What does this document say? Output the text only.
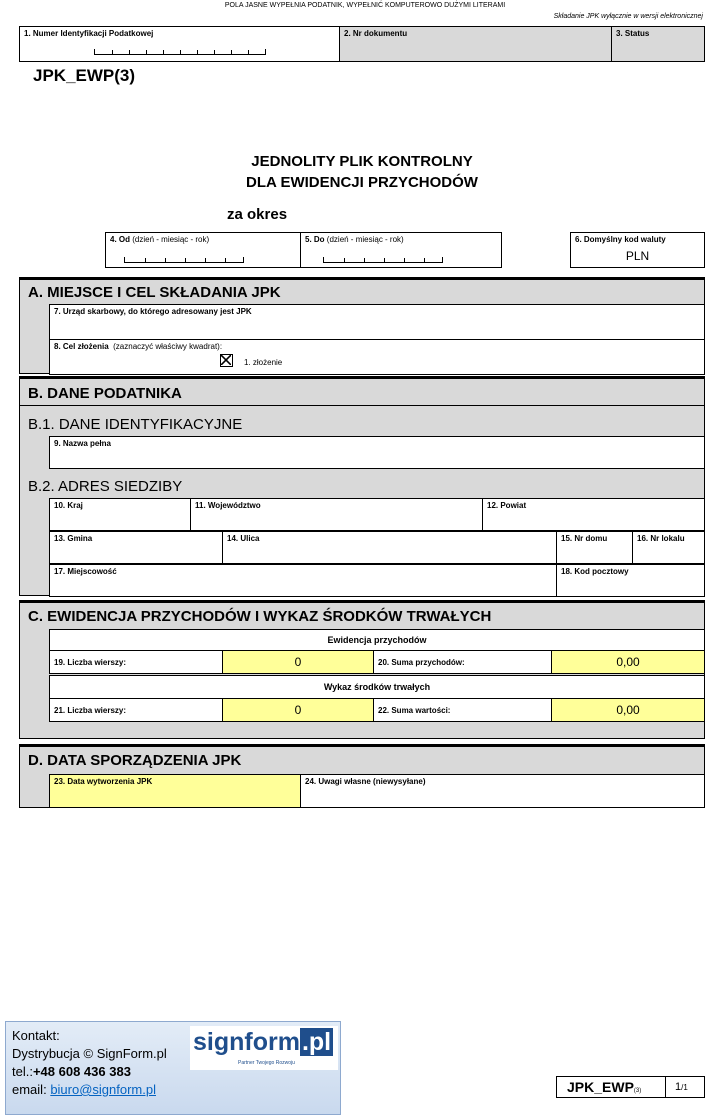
POLA JASNE WYPEŁNIA PODATNIK, WYPEŁNIĆ KOMPUTEROWO DUŻYMI LITERAMI
Składanie JPK wyłącznie w wersji elektronicznej
1. Numer Identyfikacji Podatkowej	2. Nr dokumentu	3. Status
JPK_EWP(3)
JEDNOLITY PLIK KONTROLNY
DLA EWIDENCJI PRZYCHODÓW
za okres
4. Od (dzień - miesiąc - rok)	5. Do (dzień - miesiąc - rok)	6. Domyślny kod waluty
PLN
A. MIEJSCE I CEL SKŁADANIA JPK
7. Urząd skarbowy, do którego adresowany jest JPK
8. Cel złożenia (zaznaczyć właściwy kwadrat):
1. złożenie
B. DANE PODATNIKA
B.1. DANE IDENTYFIKACYJNE
B.2. ADRES SIEDZIBY
9. Nazwa pełna
10. Kraj	11. Województwo	12. Powiat
13. Gmina	14. Ulica	15. Nr domu	16. Nr lokalu
17. Miejscowość	18. Kod pocztowy
C. EWIDENCJA PRZYCHODÓW I WYKAZ ŚRODKÓW TRWAŁYCH
Ewidencja przychodów
19. Liczba wierszy:	0	20. Suma przychodów:	0,00
Wykaz środków trwałych
21. Liczba wierszy:	0	22. Suma wartości:	0,00
D. DATA SPORZĄDZENIA JPK
23. Data wytworzenia JPK	24. Uwagi własne (niewysyłane)
Kontakt:
Dystrybucja © SignForm.pl
tel.:+48 608 436 383
email: biuro@signform.pl
signform.pl
Partner Twojego Rozwoju
JPK_EWP(3)	1/1
